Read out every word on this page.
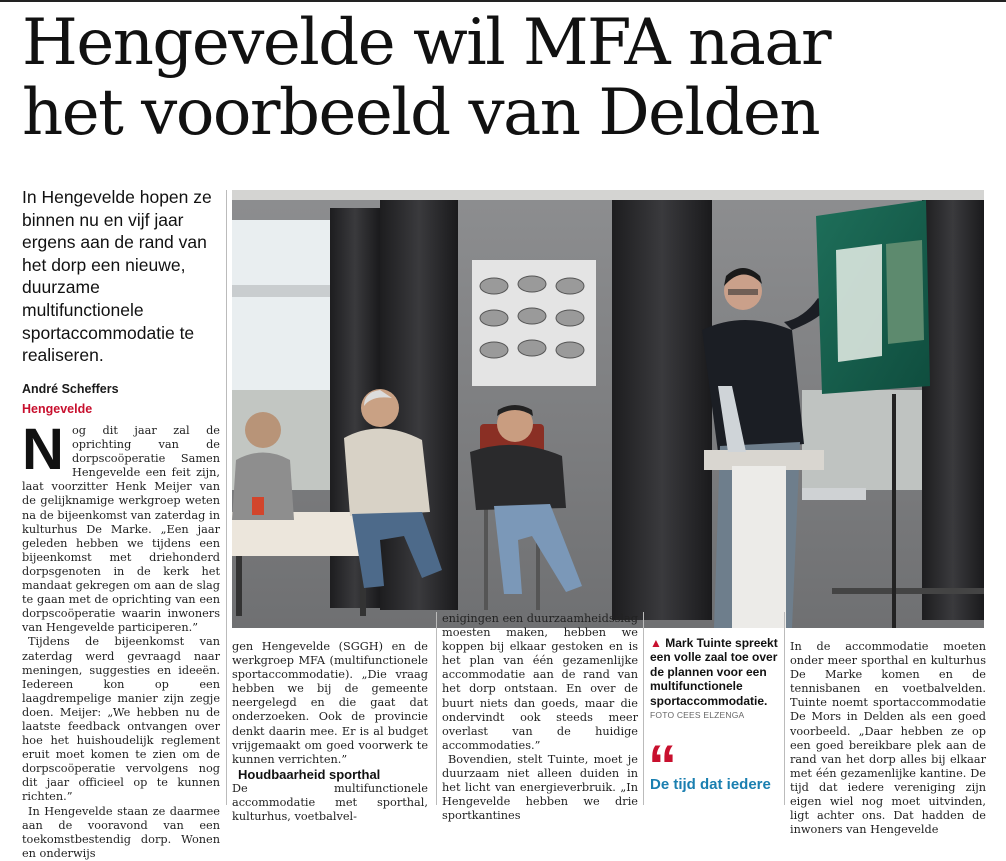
Hengevelde wil MFA naar
het voorbeeld van Delden
In Hengevelde hopen ze binnen nu en vijf jaar ergens aan de rand van het dorp een nieuwe, duurzame multifunctionele sportaccommodatie te realiseren.
André Scheffers
Hengevelde
N og dit jaar zal de oprichting van de dorpscoöperatie Samen Hengevelde een feit zijn, laat voorzitter Henk Meijer van de gelijknamige werkgroep weten na de bijeenkomst van zaterdag in kulturhus De Marke. „Een jaar geleden hebben we tijdens een bijeenkomst met driehonderd dorpsgenoten in de kerk het mandaat gekregen om aan de slag te gaan met de oprichting van een dorpscoöperatie waarin inwoners van Hengevelde participeren.”

Tijdens de bijeenkomst van zaterdag werd gevraagd naar meningen, suggesties en ideeën. Iedereen kon op een laagdrempelige manier zijn zegje doen. Meijer: „We hebben nu de laatste feedback ontvangen over hoe het huishoudelijk reglement eruit moet komen te zien om de dorpscoöperatie vervolgens nog dit jaar officieel op te kunnen richten.”

In Hengevelde staan ze daarmee aan de vooravond van een toekomstbestendig dorp. Wonen en onderwijs

gen Hengevelde (SGGH) en de werkgroep MFA (multifunctionele sportaccommodatie). „Die vraag hebben we bij de gemeente neergelegd en die gaat dat onderzoeken. Ook de provincie denkt daarin mee. Er is al budget vrijgemaakt om goed voorwerk te kunnen verrichten.”

Houdbaarheid sporthal

De multifunctionele accommodatie met sporthal, kulturhus, voetbalvel-

enigingen een duurzaamheidsslag moesten maken, hebben we koppen bij elkaar gestoken en is het plan van één gezamenlijke accommodatie aan de rand van het dorp ontstaan. En over de buurt niets dan goeds, maar die ondervindt ook steeds meer overlast van de huidige accommodaties.”

Bovendien, stelt Tuinte, moet je duurzaam niet alleen duiden in het licht van energieverbruik. „In Hengevelde hebben we drie sportkantines

▲ Mark Tuinte spreekt een volle zaal toe over de plannen voor een multifunctionele sportaccommodatie.
FOTO CEES ELZENGA
“
De tijd dat iedere

In de accommodatie moeten onder meer sporthal en kulturhus De Marke komen en de tennisbanen en voetbalvelden. Tuinte noemt sportaccommodatie De Mors in Delden als een goed voorbeeld. „Daar hebben ze op een goed bereikbare plek aan de rand van het dorp alles bij elkaar met één gezamenlijke kantine. De tijd dat iedere vereniging zijn eigen wiel nog moet uitvinden, ligt achter ons. Dat hadden de inwoners van Hengevelde
